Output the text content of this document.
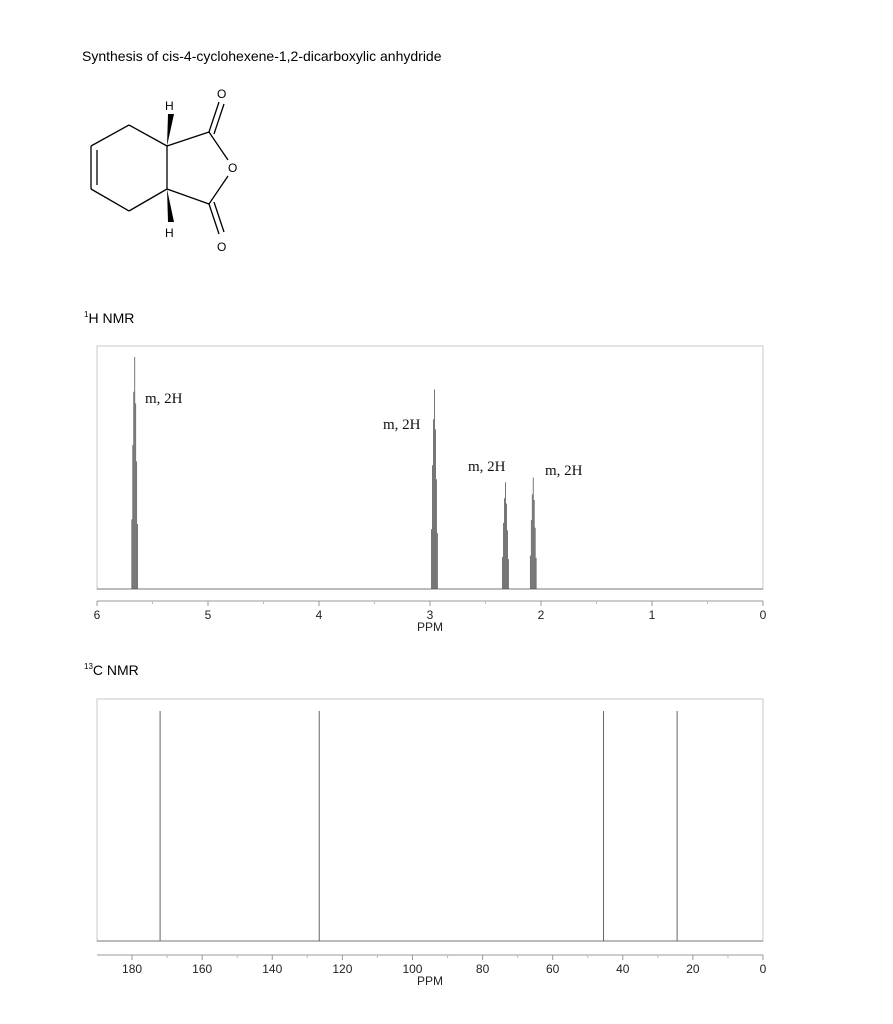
Synthesis of cis-4-cyclohexene-1,2-dicarboxylic anhydride
H
H
O
O
O
$^1$H NMR
$^{13}$C NMR
6	5	4	3	2	1	0
PPM
m, 2H
m, 2H
m, 2H	m, 2H
180	160	140	120	100	80	60	40	20	0
PPM
